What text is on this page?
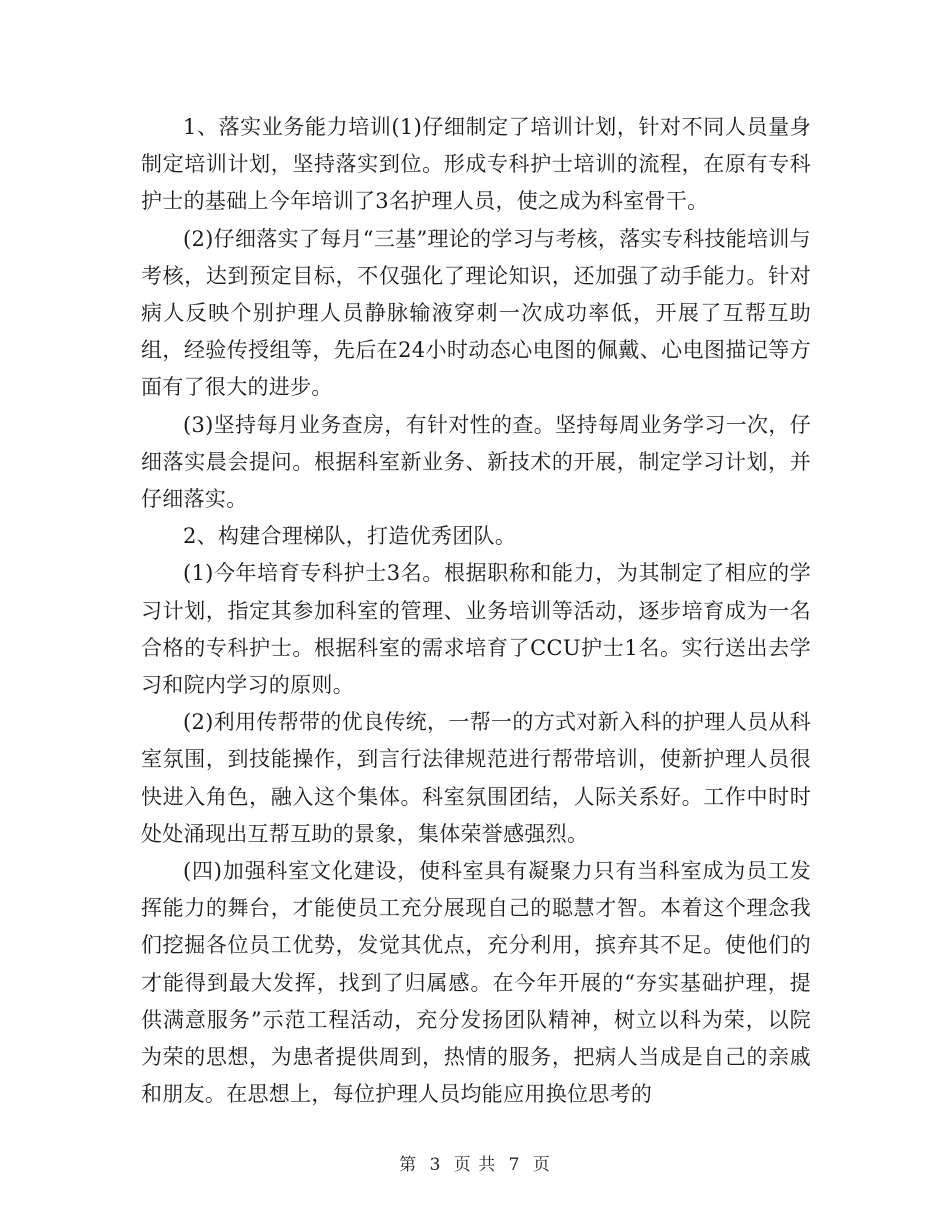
1、落实业务能力培训(1)仔细制定了培训计划，针对不同人员量身制定培训计划，坚持落实到位。形成专科护士培训的流程，在原有专科护士的基础上今年培训了3名护理人员，使之成为科室骨干。

(2)仔细落实了每月“三基”理论的学习与考核，落实专科技能培训与考核，达到预定目标，不仅强化了理论知识，还加强了动手能力。针对病人反映个别护理人员静脉输液穿刺一次成功率低，开展了互帮互助组，经验传授组等，先后在24小时动态心电图的佩戴、心电图描记等方面有了很大的进步。

(3)坚持每月业务查房，有针对性的查。坚持每周业务学习一次，仔细落实晨会提问。根据科室新业务、新技术的开展，制定学习计划，并仔细落实。

2、构建合理梯队，打造优秀团队。

(1)今年培育专科护士3名。根据职称和能力，为其制定了相应的学习计划，指定其参加科室的管理、业务培训等活动，逐步培育成为一名合格的专科护士。根据科室的需求培育了CCU护士1名。实行送出去学习和院内学习的原则。

(2)利用传帮带的优良传统，一帮一的方式对新入科的护理人员从科室氛围，到技能操作，到言行法律规范进行帮带培训，使新护理人员很快进入角色，融入这个集体。科室氛围团结，人际关系好。工作中时时处处涌现出互帮互助的景象，集体荣誉感强烈。

(四)加强科室文化建设，使科室具有凝聚力只有当科室成为员工发挥能力的舞台，才能使员工充分展现自己的聪慧才智。本着这个理念我们挖掘各位员工优势，发觉其优点，充分利用，摈弃其不足。使他们的才能得到最大发挥，找到了归属感。在今年开展的“夯实基础护理，提供满意服务”示范工程活动，充分发扬团队精神，树立以科为荣，以院为荣的思想，为患者提供周到，热情的服务，把病人当成是自己的亲戚和朋友。在思想上，每位护理人员均能应用换位思考的

第 3 页 共 7 页
